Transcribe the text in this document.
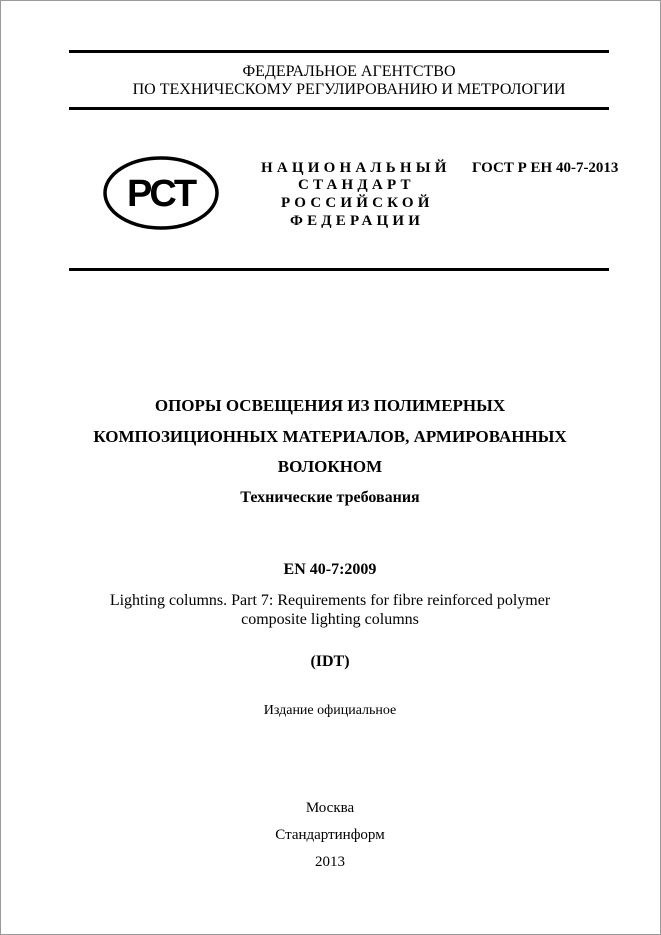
ФЕДЕРАЛЬНОЕ АГЕНТСТВО
ПО ТЕХНИЧЕСКОМУ РЕГУЛИРОВАНИЮ И МЕТРОЛОГИИ
РСТ
НАЦИОНАЛЬНЫЙ
СТАНДАРТ
РОССИЙСКОЙ
ФЕДЕРАЦИИ
ГОСТ Р ЕН 40-7-2013
ОПОРЫ ОСВЕЩЕНИЯ ИЗ ПОЛИМЕРНЫХ
КОМПОЗИЦИОННЫХ МАТЕРИАЛОВ, АРМИРОВАННЫХ
ВОЛОКНОМ
Технические требования
EN 40-7:2009
Lighting columns. Part 7: Requirements for fibre reinforced polymer
composite lighting columns
(IDT)
Издание официальное
Москва
Стандартинформ
2013
